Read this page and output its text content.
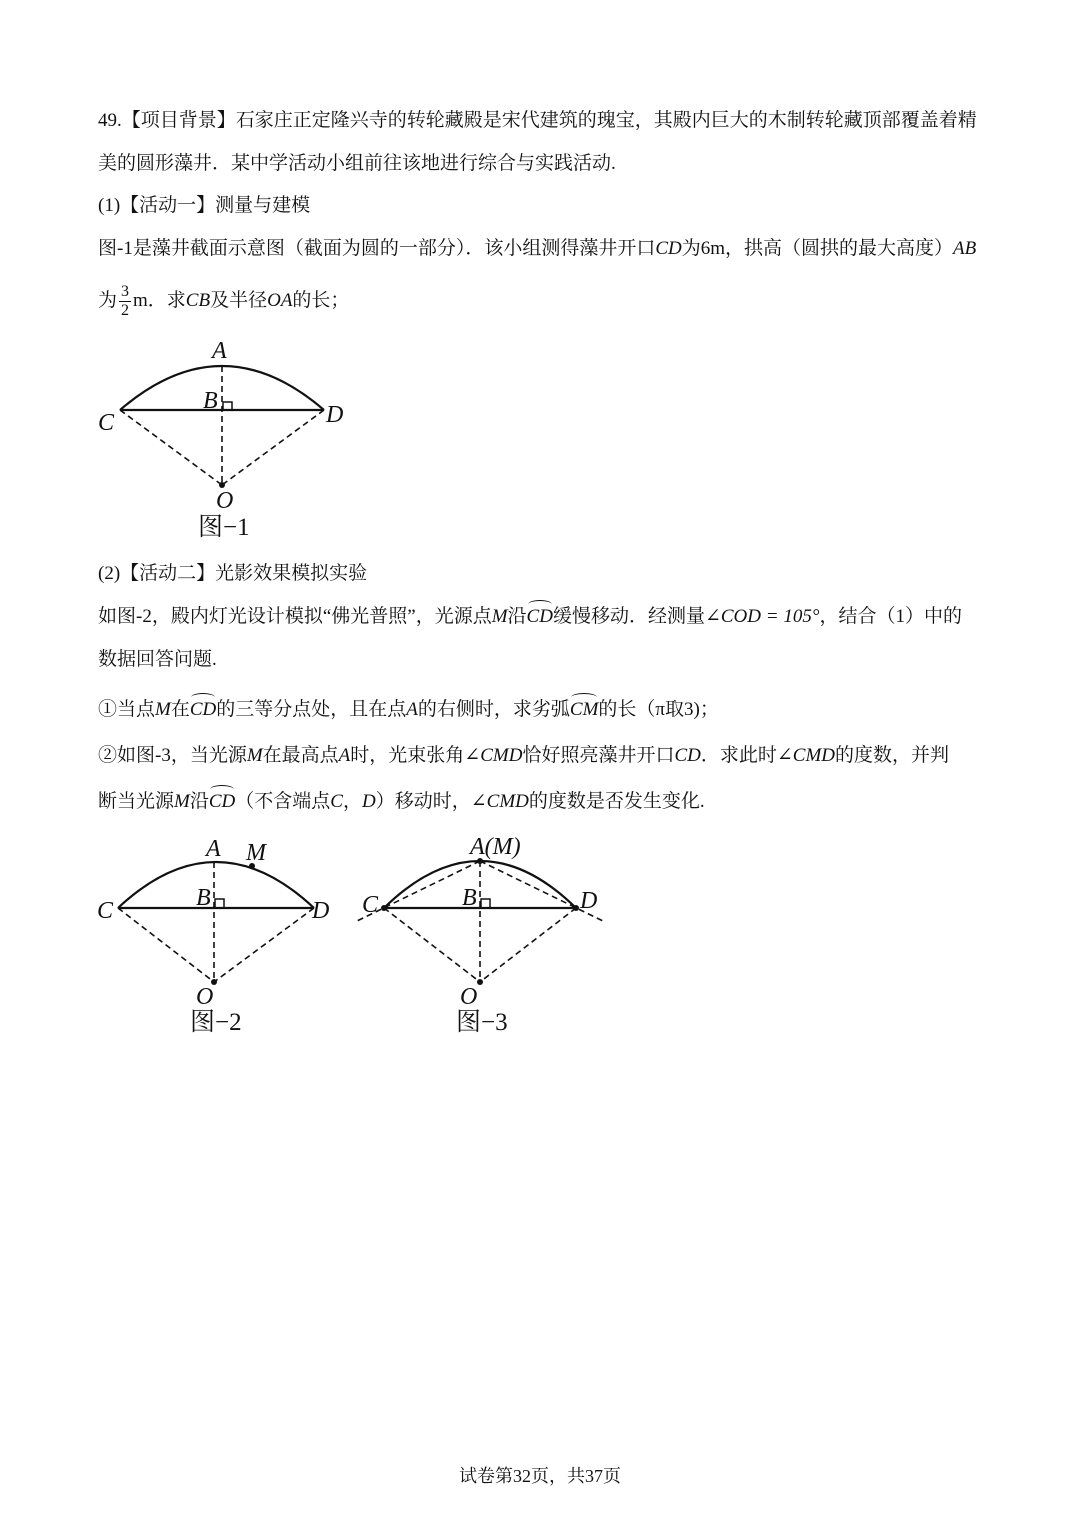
49.【项目背景】石家庄正定隆兴寺的转轮藏殿是宋代建筑的瑰宝，其殿内巨大的木制转轮藏顶部覆盖着精
美的圆形藻井．某中学活动小组前往该地进行综合与实践活动.
(1)【活动一】测量与建模
图-1是藻井截面示意图（截面为圆的一部分）．该小组测得藻井开口CD为6m，拱高（圆拱的最大高度）AB
为 $\frac{3}{2}$ m．求CB及半径OA的长；
A
B
C	D
O
图−1
(2)【活动二】光影效果模拟实验
如图-2，殿内灯光设计模拟“佛光普照”，光源点M沿CD缓慢移动．经测量∠COD = 105°，结合（1）中的
数据回答问题.
①当点M在CD的三等分点处，且在点A的右侧时，求劣弧CM的长（π取3)；
②如图-3，当光源M在最高点A时，光束张角∠CMD恰好照亮藻井开口CD．求此时∠CMD的度数，并判
断当光源M沿CD（不含端点C，D）移动时，∠CMD的度数是否发生变化.
A M
B
C	D
O
图−2
A(M)
B
C	D
O
图−3
试卷第32页，共37页
